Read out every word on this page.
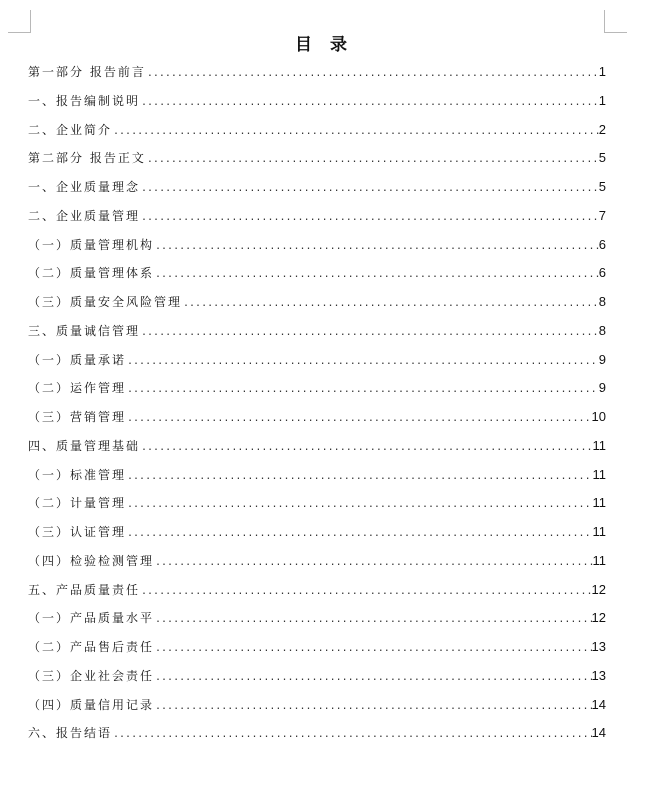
目 录
第一部分 报告前言 .....	1
一、报告编制说明 .....	1
二、企业简介 .....	2
第二部分 报告正文 .....	5
一、企业质量理念 .....	5
二、企业质量管理 .....	7
（一）质量管理机构 .....	6
（二）质量管理体系 .....	6
（三）质量安全风险管理 .....	8
三、质量诚信管理 .....	8
（一）质量承诺 .....	9
（二）运作管理 .....	9
（三）营销管理 .....	10
四、质量管理基础 .....	11
（一）标准管理 .....	11
（二）计量管理 .....	11
（三）认证管理 .....	11
（四）检验检测管理 .....	11
五、产品质量责任 .....	12
（一）产品质量水平 .....	12
（二）产品售后责任 .....	13
（三）企业社会责任 .....	13
（四）质量信用记录 .....	14
六、报告结语 .....	14
